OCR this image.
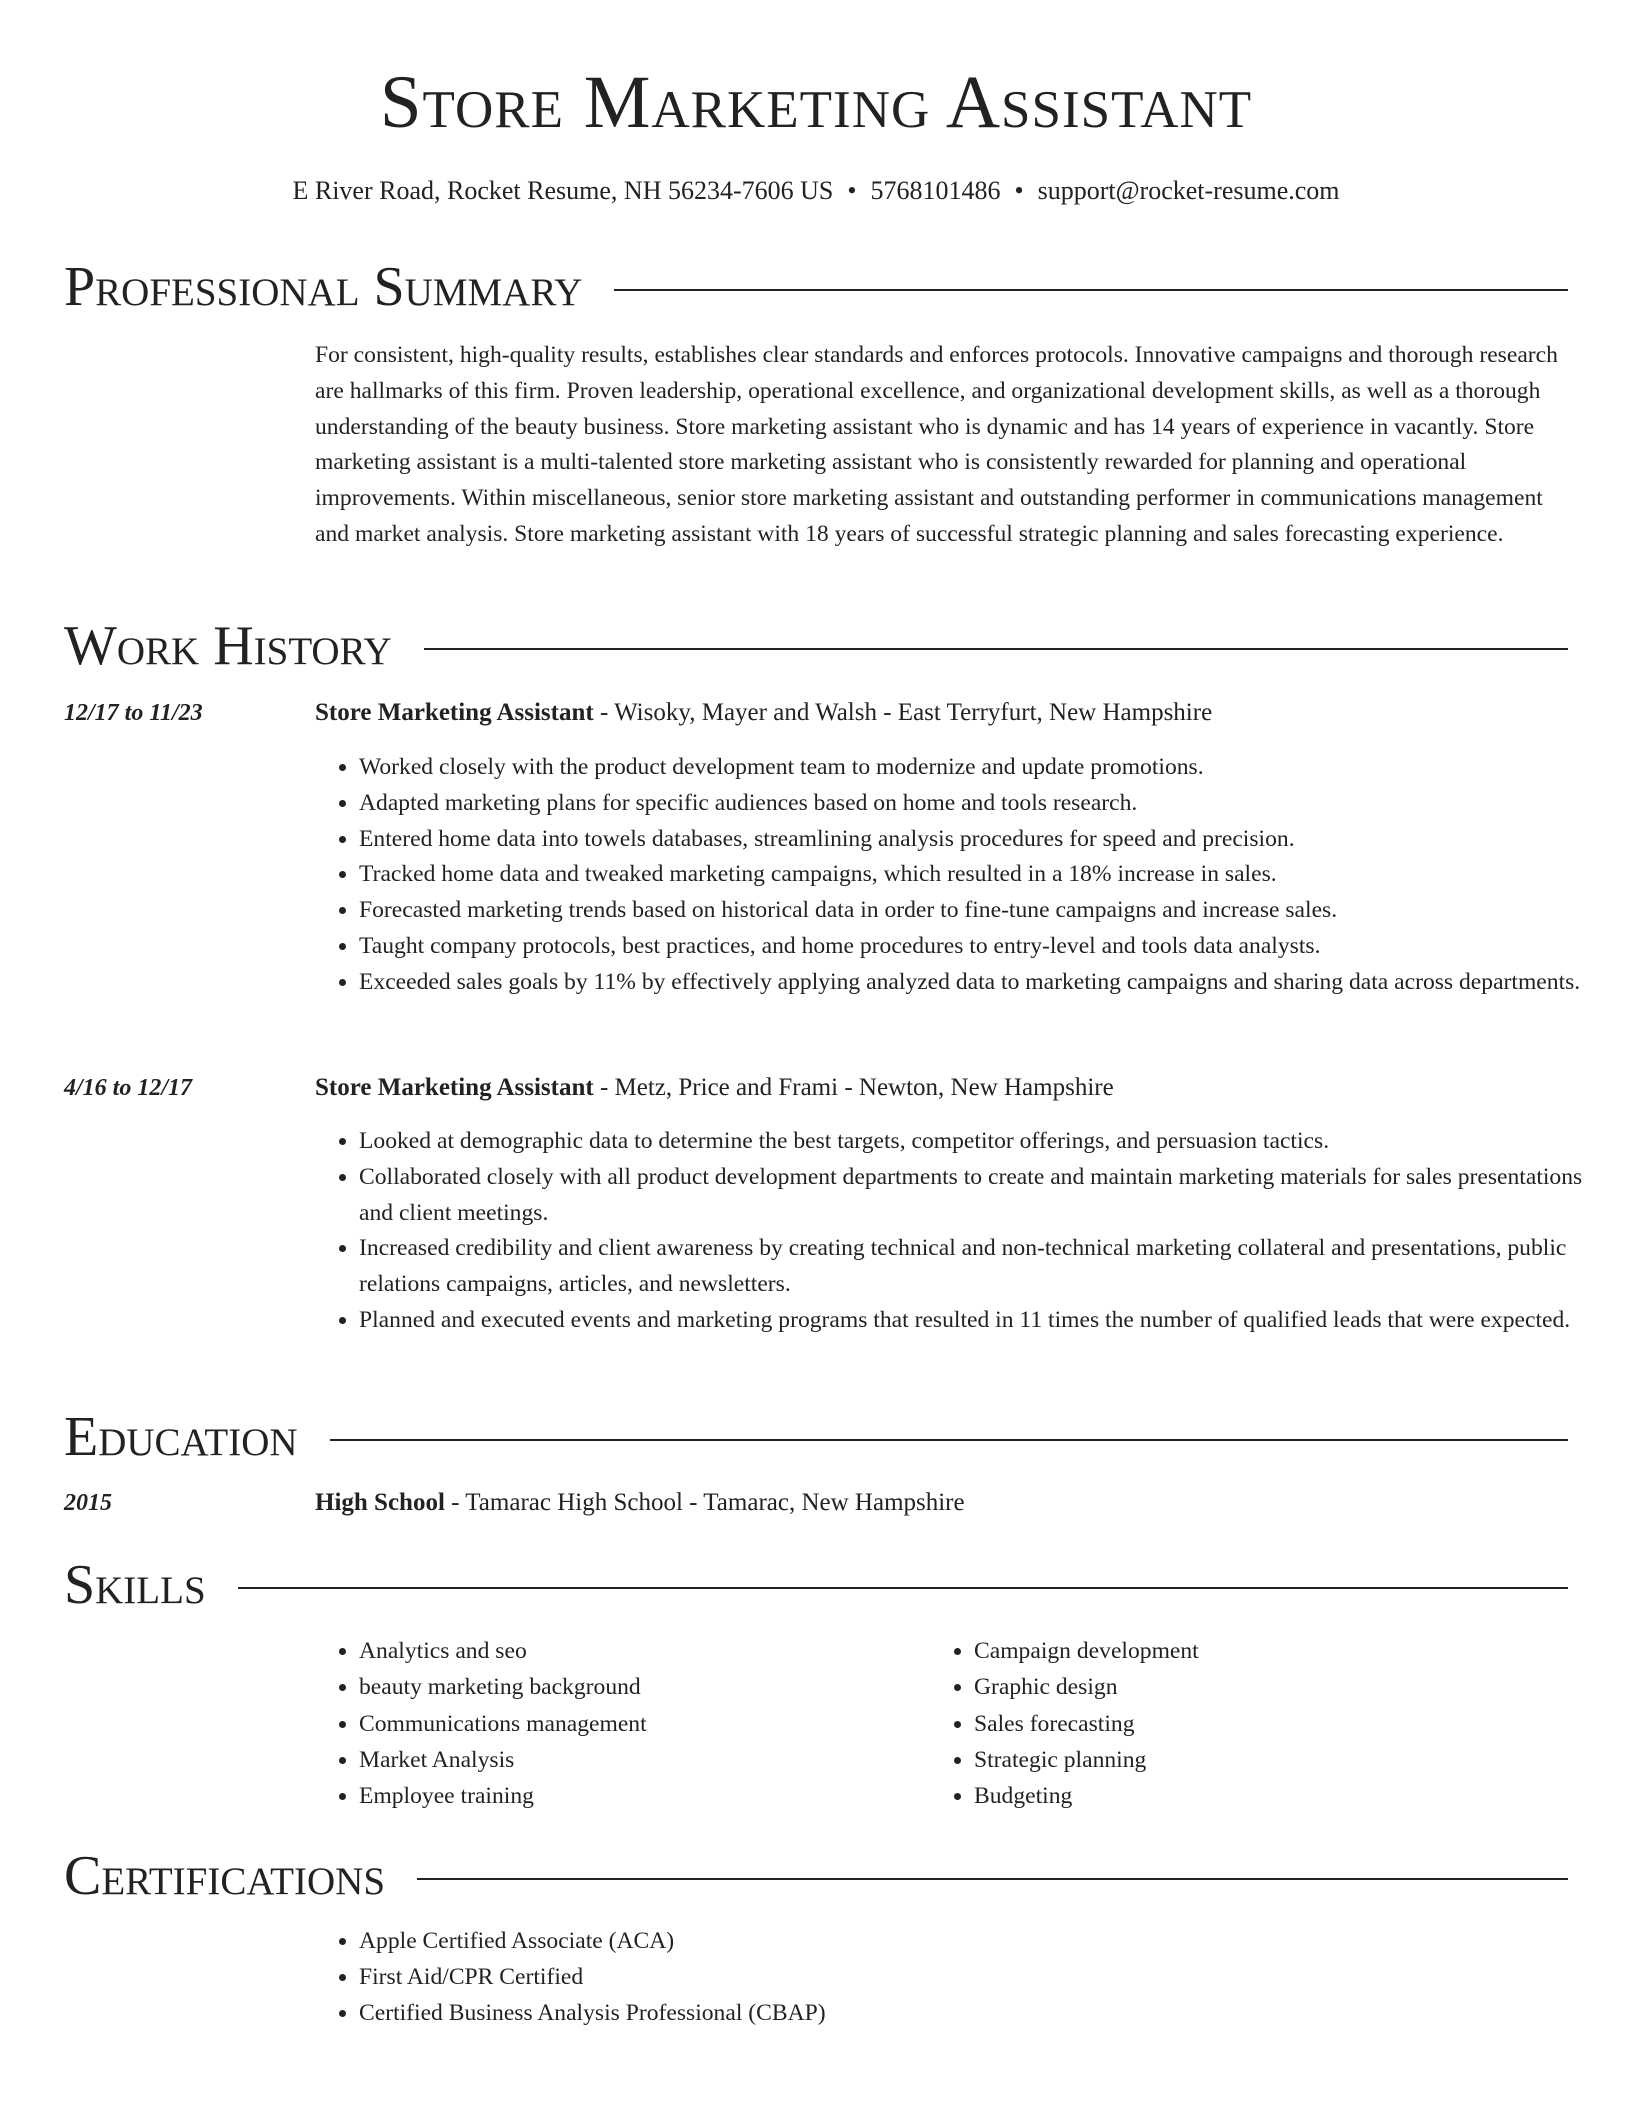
Store Marketing Assistant
E River Road, Rocket Resume, NH 56234-7606 US • 5768101486 • support@rocket-resume.com
Professional Summary

For consistent, high-quality results, establishes clear standards and enforces protocols. Innovative campaigns and thorough research are hallmarks of this firm. Proven leadership, operational excellence, and organizational development skills, as well as a thorough understanding of the beauty business. Store marketing assistant who is dynamic and has 14 years of experience in vacantly. Store marketing assistant is a multi-talented store marketing assistant who is consistently rewarded for planning and operational improvements. Within miscellaneous, senior store marketing assistant and outstanding performer in communications management and market analysis. Store marketing assistant with 18 years of successful strategic planning and sales forecasting experience.

Work History
12/17 to 11/23	Store Marketing Assistant - Wisoky, Mayer and Walsh - East Terryfurt, New Hampshire
• Worked closely with the product development team to modernize and update promotions.
• Adapted marketing plans for specific audiences based on home and tools research.
• Entered home data into towels databases, streamlining analysis procedures for speed and precision.
• Tracked home data and tweaked marketing campaigns, which resulted in a 18% increase in sales.
• Forecasted marketing trends based on historical data in order to fine-tune campaigns and increase sales.
• Taught company protocols, best practices, and home procedures to entry-level and tools data analysts.
• Exceeded sales goals by 11% by effectively applying analyzed data to marketing campaigns and sharing data across departments.
4/16 to 12/17	Store Marketing Assistant - Metz, Price and Frami - Newton, New Hampshire
• Looked at demographic data to determine the best targets, competitor offerings, and persuasion tactics.
• Collaborated closely with all product development departments to create and maintain marketing materials for sales presentations and client meetings.
• Increased credibility and client awareness by creating technical and non-technical marketing collateral and presentations, public relations campaigns, articles, and newsletters.
• Planned and executed events and marketing programs that resulted in 11 times the number of qualified leads that were expected.
Education
2015	High School - Tamarac High School - Tamarac, New Hampshire
Skills
• Analytics and seo
• beauty marketing background
• Communications management
• Market Analysis
• Employee training
• Campaign development
• Graphic design
• Sales forecasting
• Strategic planning
• Budgeting
Certifications
• Apple Certified Associate (ACA)
• First Aid/CPR Certified
• Certified Business Analysis Professional (CBAP)
